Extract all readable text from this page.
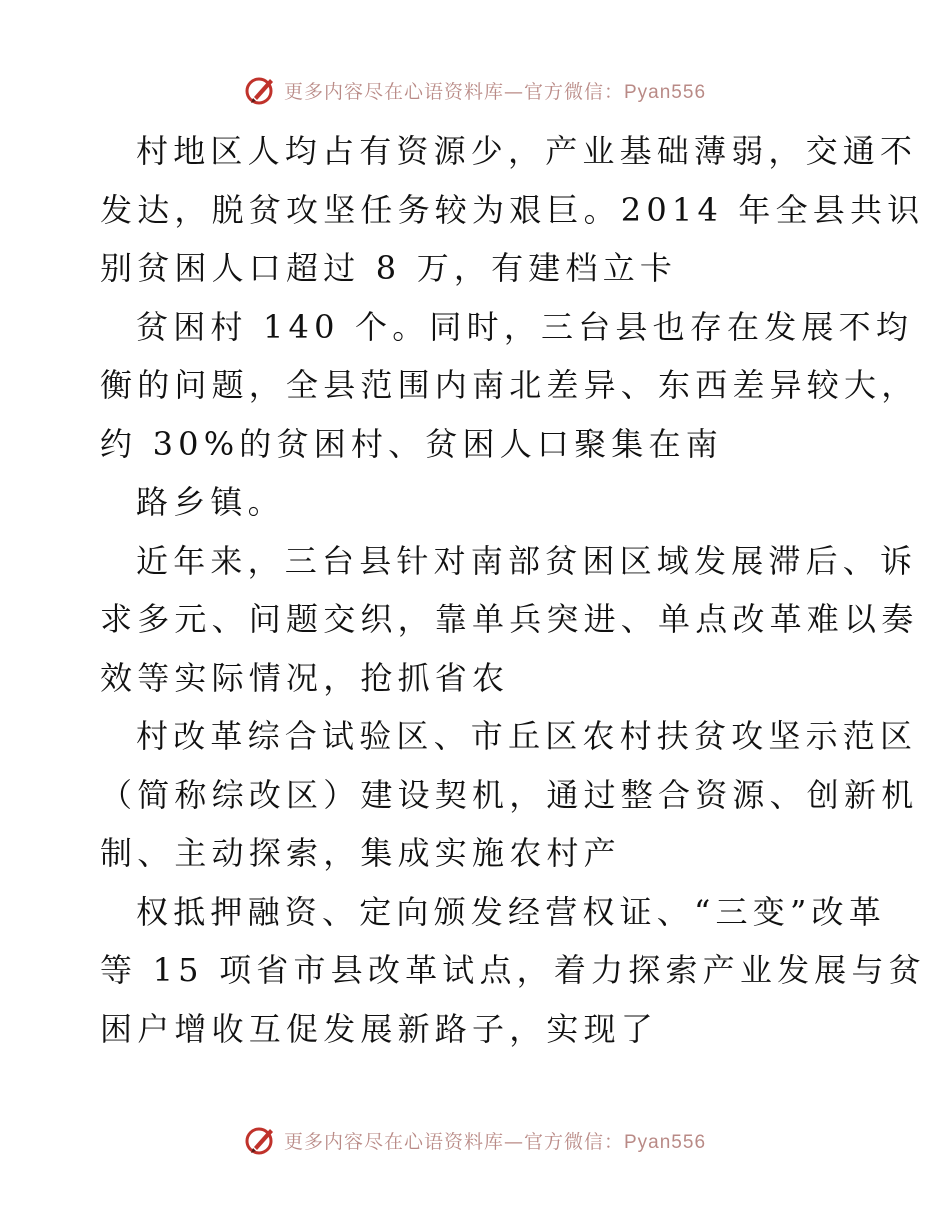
更多内容尽在心语资料库—官方微信：Pyan556

村地区人均占有资源少，产业基础薄弱，交通不
发达，脱贫攻坚任务较为艰巨。2014 年全县共识
别贫困人口超过 8 万，有建档立卡

贫困村 140 个。同时，三台县也存在发展不均
衡的问题，全县范围内南北差异、东西差异较大，
约 30%的贫困村、贫困人口聚集在南

路乡镇。

近年来，三台县针对南部贫困区域发展滞后、诉
求多元、问题交织，靠单兵突进、单点改革难以奏
效等实际情况，抢抓省农

村改革综合试验区、市丘区农村扶贫攻坚示范区
（简称综改区）建设契机，通过整合资源、创新机
制、主动探索，集成实施农村产

权抵押融资、定向颁发经营权证、“三变”改革
等 15 项省市县改革试点，着力探索产业发展与贫
困户增收互促发展新路子，实现了

更多内容尽在心语资料库—官方微信：Pyan556
